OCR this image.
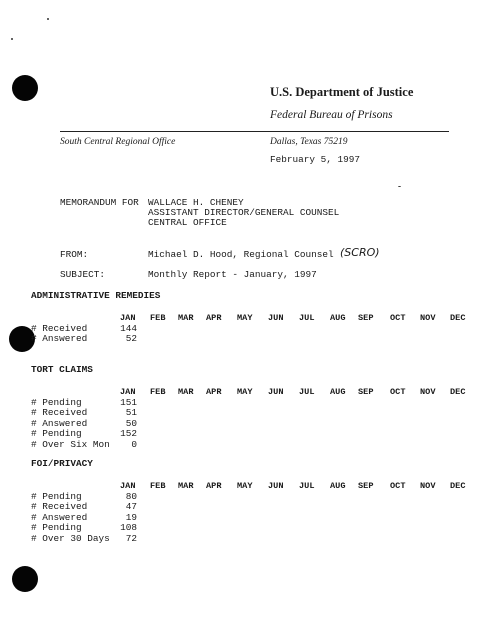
U.S. Department of Justice
Federal Bureau of Prisons
South Central Regional Office	Dallas, Texas 75219
February 5, 1997
MEMORANDUM FOR WALLACE H. CHENEY
ASSISTANT DIRECTOR/GENERAL COUNSEL
CENTRAL OFFICE
FROM:	Michael D. Hood, Regional Counsel (SCRO)
SUBJECT:	Monthly Report - January, 1997
ADMINISTRATIVE REMEDIES
JAN FEB MAR APR MAY JUN JUL AUG SEP OCT NOV DEC
# Received	144
# Answered	52
TORT CLAIMS
JAN FEB MAR APR MAY JUN JUL AUG SEP OCT NOV DEC
# Pending	151
# Received	51
# Answered	50
# Pending	152
# Over Six Mon 0
FOI/PRIVACY
JAN FEB MAR APR MAY JUN JUL AUG SEP OCT NOV DEC
# Pending	80
# Received	47
# Answered	19
# Pending	108
# Over 30 Days 72
